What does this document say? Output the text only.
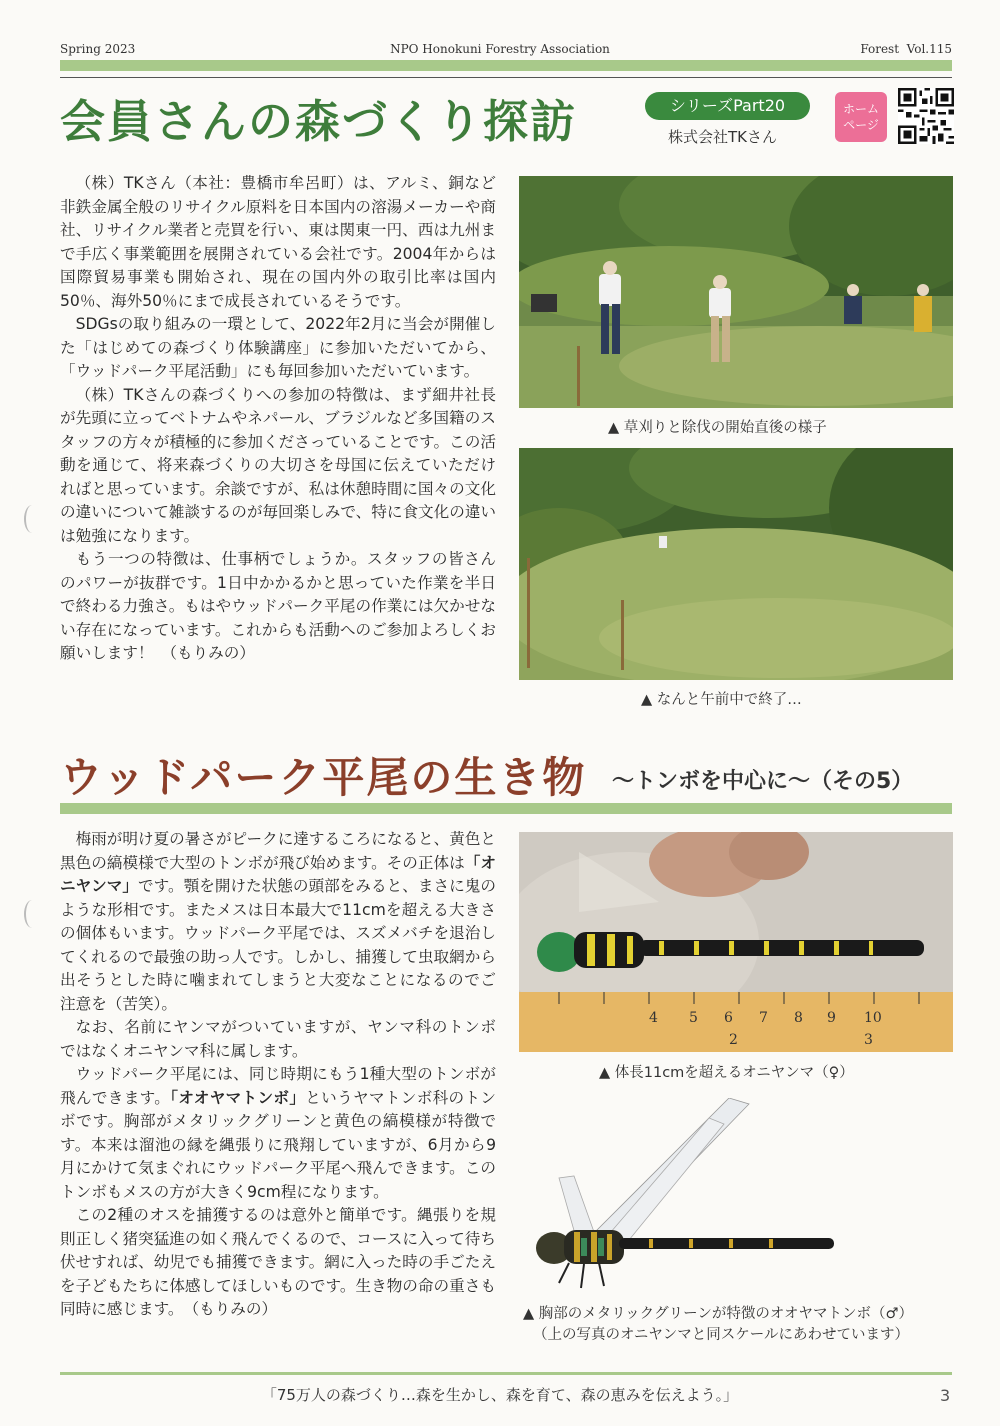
Spring 2023	NPO Honokuni Forestry Association	Forest  Vol.115
会員さんの森づくり探訪	シリーズPart20
株式会社TKさん
ホーム
ページ

（株）TKさん（本社：豊橋市牟呂町）は、アルミ、銅など非鉄金属全般のリサイクル原料を日本国内の溶湯メーカーや商社、リサイクル業者と売買を行い、東は関東一円、西は九州まで手広く事業範囲を展開されている会社です。2004年からは国際貿易事業も開始され、現在の国内外の取引比率は国内50％、海外50％にまで成長されているそうです。

SDGsの取り組みの一環として、2022年2月に当会が開催した「はじめての森づくり体験講座」に参加いただいてから、「ウッドパーク平尾活動」にも毎回参加いただいています。

（株）TKさんの森づくりへの参加の特徴は、まず細井社長が先頭に立ってベトナムやネパール、ブラジルなど多国籍のスタッフの方々が積極的に参加くださっていることです。この活動を通じて、将来森づくりの大切さを母国に伝えていただければと思っています。余談ですが、私は休憩時間に国々の文化の違いについて雑談するのが毎回楽しみで、特に食文化の違いは勉強になります。

もう一つの特徴は、仕事柄でしょうか。スタッフの皆さんのパワーが抜群です。1日中かかるかと思っていた作業を半日で終わる力強さ。もはやウッドパーク平尾の作業には欠かせない存在になっています。これからも活動へのご参加よろしくお願いします！　（もりみの）

▲ 草刈りと除伐の開始直後の様子
▲ なんと午前中で終了…
ウッドパーク平尾の生き物 ～トンボを中心に～（その5）

梅雨が明け夏の暑さがピークに達するころになると、黄色と黒色の縞模様で大型のトンボが飛び始めます。その正体は「オニヤンマ」です。顎を開けた状態の頭部をみると、まさに鬼のような形相です。またメスは日本最大で11cmを超える大きさの個体もいます。ウッドパーク平尾では、スズメバチを退治してくれるので最強の助っ人です。しかし、捕獲して虫取網から出そうとした時に噛まれてしまうと大変なことになるのでご注意を（苦笑）。

なお、名前にヤンマがついていますが、ヤンマ科のトンボではなくオニヤンマ科に属します。

ウッドパーク平尾には、同じ時期にもう1種大型のトンボが飛んできます。「オオヤマトンボ」というヤマトンボ科のトンボです。胸部がメタリックグリーンと黄色の縞模様が特徴です。本来は溜池の縁を縄張りに飛翔していますが、6月から9月にかけて気まぐれにウッドパーク平尾へ飛んできます。このトンボもメスの方が大きく9cm程になります。

この2種のオスを捕獲するのは意外と簡単です。縄張りを規則正しく猪突猛進の如く飛んでくるので、コースに入って待ち伏せすれば、幼児でも捕獲できます。網に入った時の手ごたえを子どもたちに体感してほしいものです。生き物の命の重さも同時に感じます。　（もりみの）

4 5 6 7 8 9 10
2	3
▲ 体長11cmを超えるオニヤンマ（♀）
▲ 胸部のメタリックグリーンが特徴のオオヤマトンボ（♂）
（上の写真のオニヤンマと同スケールにあわせています）
「75万人の森づくり…森を生かし、森を育て、森の恵みを伝えよう。」	3
